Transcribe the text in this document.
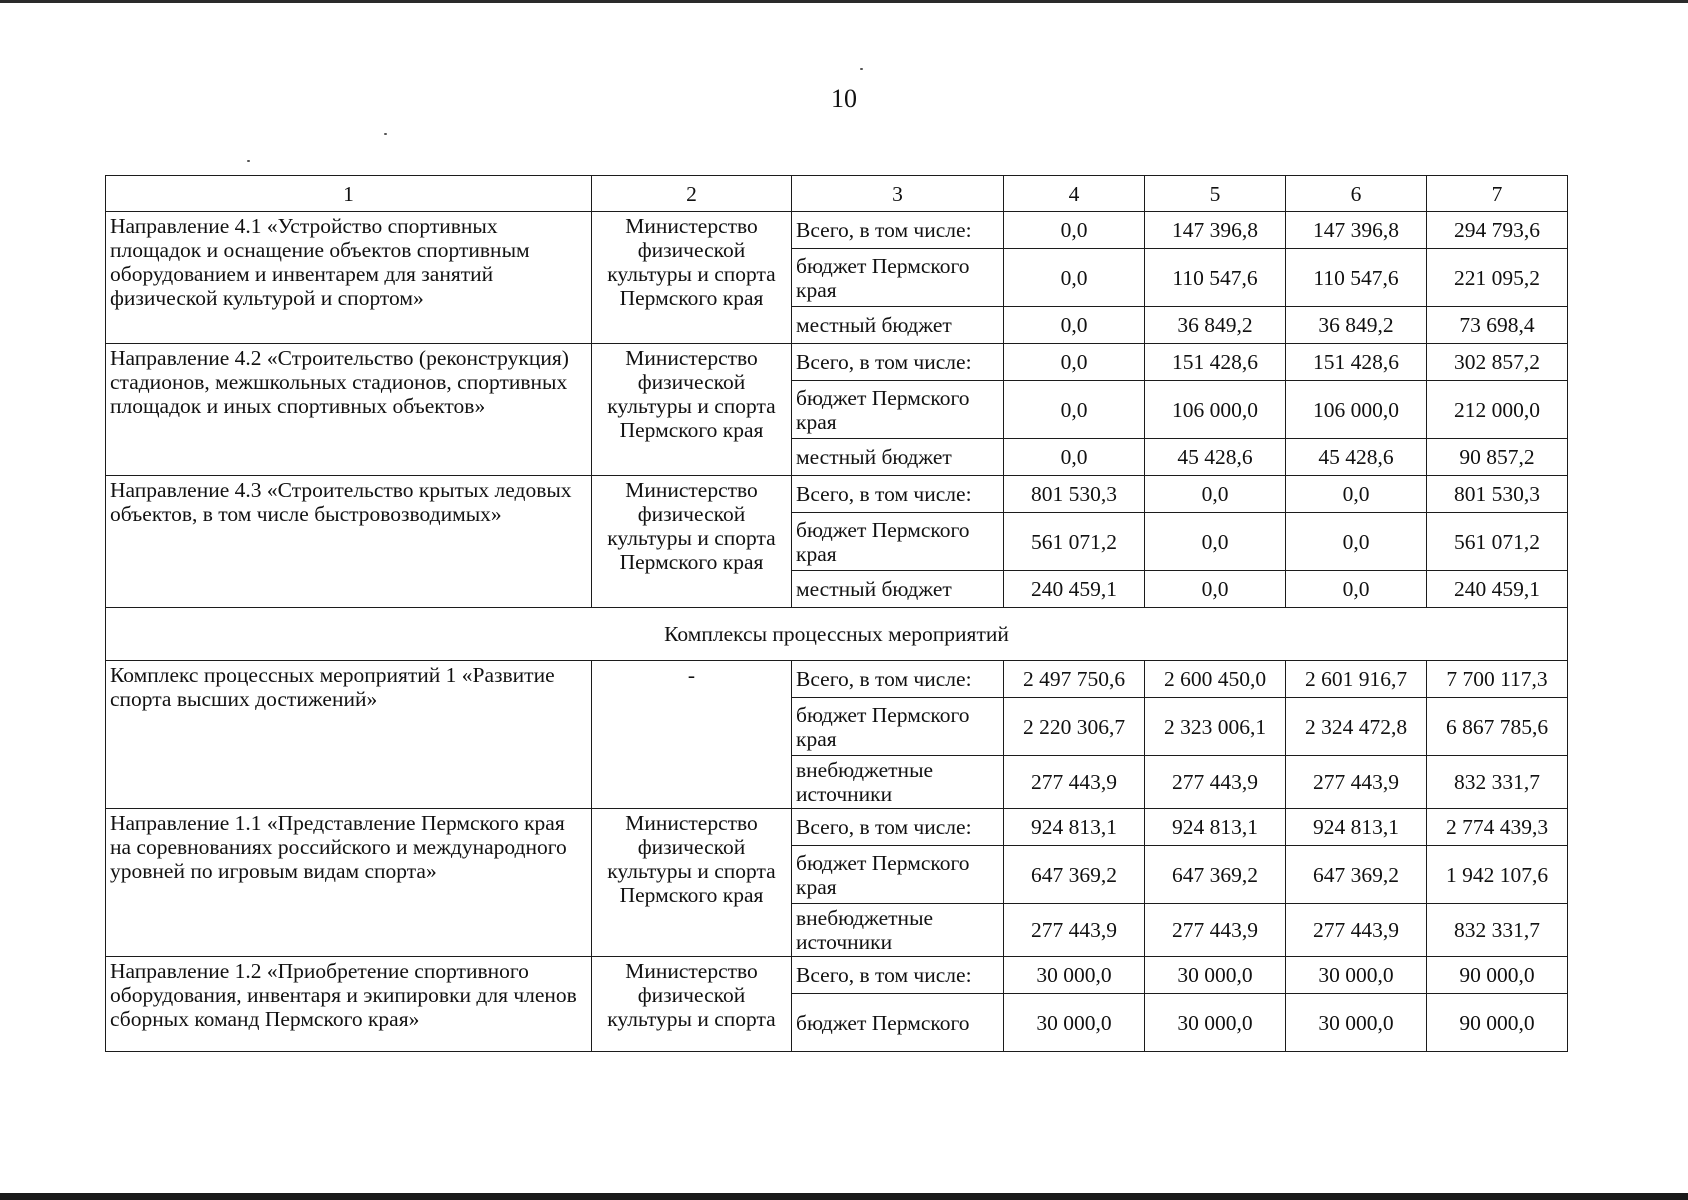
10
1	2	3	4	5	6	7
Направление 4.1 «Устройство спортивных площадок и оснащение объектов спортивным оборудованием и инвентарем для занятий физической культурой и спортом»	Министерство физической культуры и спорта Пермского края	Всего, в том числе:	0,0	147 396,8	147 396,8	294 793,6
		бюджет Пермского края	0,0	110 547,6	110 547,6	221 095,2
		местный бюджет	0,0	36 849,2	36 849,2	73 698,4
Направление 4.2 «Строительство (реконструкция) стадионов, межшкольных стадионов, спортивных площадок и иных спортивных объектов»	Министерство физической культуры и спорта Пермского края	Всего, в том числе:	0,0	151 428,6	151 428,6	302 857,2
		бюджет Пермского края	0,0	106 000,0	106 000,0	212 000,0
		местный бюджет	0,0	45 428,6	45 428,6	90 857,2
Направление 4.3 «Строительство крытых ледовых объектов, в том числе быстровозводимых»	Министерство физической культуры и спорта Пермского края	Всего, в том числе:	801 530,3	0,0	0,0	801 530,3
		бюджет Пермского края	561 071,2	0,0	0,0	561 071,2
		местный бюджет	240 459,1	0,0	0,0	240 459,1
Комплексы процессных мероприятий						
Комплекс процессных мероприятий 1 «Развитие спорта высших достижений»	-	Всего, в том числе:	2 497 750,6	2 600 450,0	2 601 916,7	7 700 117,3
		бюджет Пермского края	2 220 306,7	2 323 006,1	2 324 472,8	6 867 785,6
		внебюджетные источники	277 443,9	277 443,9	277 443,9	832 331,7
Направление 1.1 «Представление Пермского края на соревнованиях российского и международного уровней по игровым видам спорта»	Министерство физической культуры и спорта Пермского края	Всего, в том числе:	924 813,1	924 813,1	924 813,1	2 774 439,3
		бюджет Пермского края	647 369,2	647 369,2	647 369,2	1 942 107,6
		внебюджетные источники	277 443,9	277 443,9	277 443,9	832 331,7
Направление 1.2 «Приобретение спортивного оборудования, инвентаря и экипировки для членов сборных команд Пермского края»	Министерство физической культуры и спорта	Всего, в том числе:	30 000,0	30 000,0	30 000,0	90 000,0
		бюджет Пермского	30 000,0	30 000,0	30 000,0	90 000,0
